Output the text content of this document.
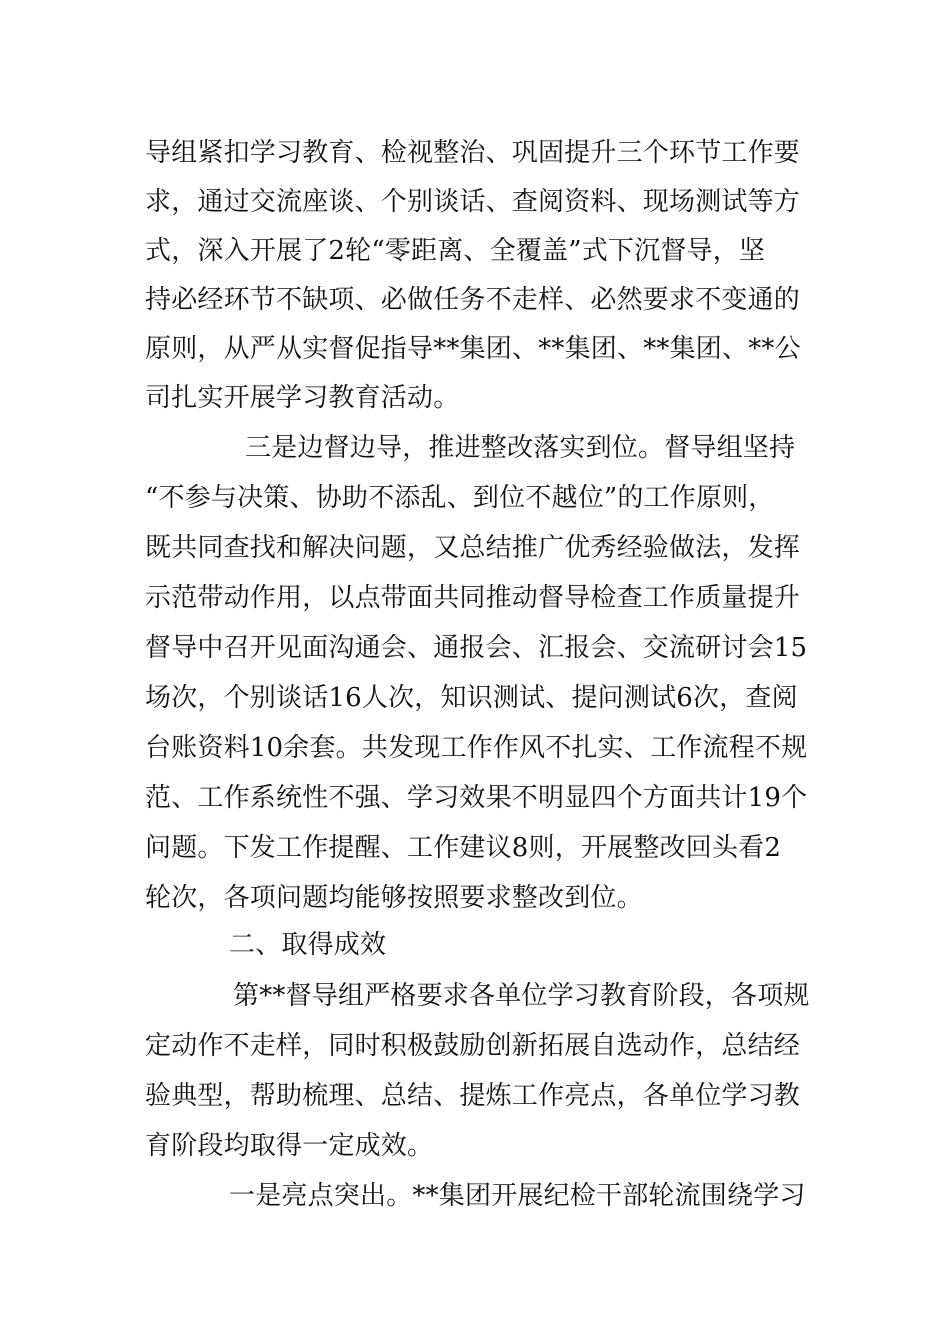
导组紧扣学习教育、检视整治、巩固提升三个环节工作要
求，通过交流座谈、个别谈话、查阅资料、现场测试等方
式，深入开展了2轮“零距离、全覆盖”式下沉督导，坚
持必经环节不缺项、必做任务不走样、必然要求不变通的
原则，从严从实督促指导**集团、**集团、**集团、**公
司扎实开展学习教育活动。
三是边督边导，推进整改落实到位。督导组坚持
“不参与决策、协助不添乱、到位不越位”的工作原则，
既共同查找和解决问题，又总结推广优秀经验做法，发挥
示范带动作用，以点带面共同推动督导检查工作质量提升
督导中召开见面沟通会、通报会、汇报会、交流研讨会15
场次，个别谈话16人次，知识测试、提问测试6次，查阅
台账资料10余套。共发现工作作风不扎实、工作流程不规
范、工作系统性不强、学习效果不明显四个方面共计19个
问题。下发工作提醒、工作建议8则，开展整改回头看2
轮次，各项问题均能够按照要求整改到位。
二、取得成效
第**督导组严格要求各单位学习教育阶段，各项规
定动作不走样，同时积极鼓励创新拓展自选动作，总结经
验典型，帮助梳理、总结、提炼工作亮点，各单位学习教
育阶段均取得一定成效。
一是亮点突出。**集团开展纪检干部轮流围绕学习
